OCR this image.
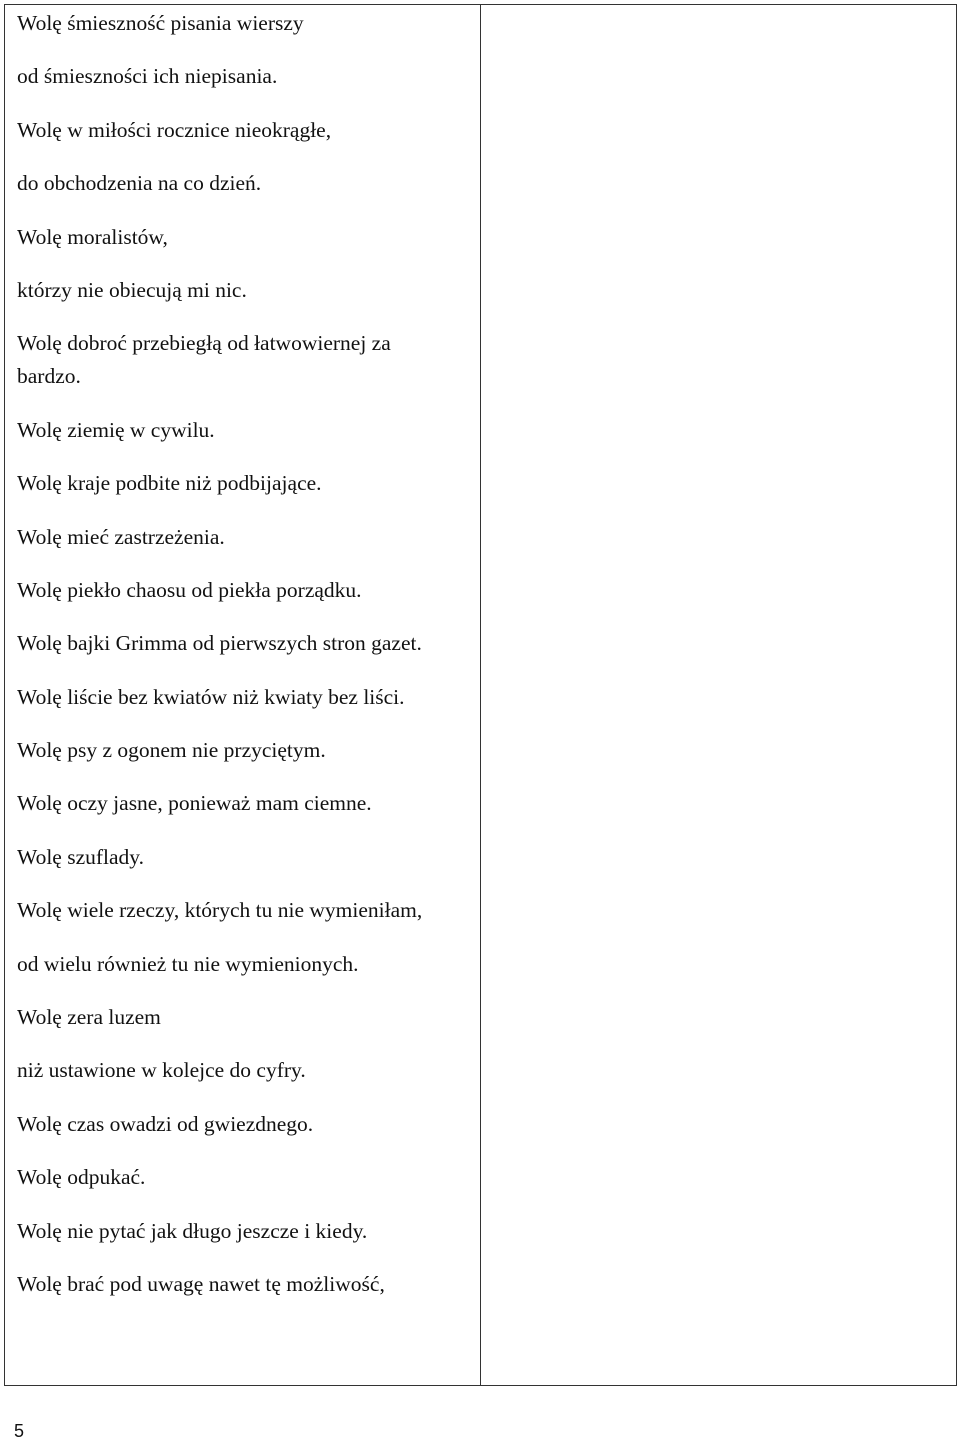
Wolę śmieszność pisania wierszy
od śmieszności ich niepisania.
Wolę w miłości rocznice nieokrągłe,
do obchodzenia na co dzień.
Wolę moralistów,
którzy nie obiecują mi nic.
Wolę dobroć przebiegłą od łatwowiernej za bardzo.
Wolę ziemię w cywilu.
Wolę kraje podbite niż podbijające.
Wolę mieć zastrzeżenia.
Wolę piekło chaosu od piekła porządku.
Wolę bajki Grimma od pierwszych stron gazet.
Wolę liście bez kwiatów niż kwiaty bez liści.
Wolę psy z ogonem nie przyciętym.
Wolę oczy jasne, ponieważ mam ciemne.
Wolę szuflady.
Wolę wiele rzeczy, których tu nie wymieniłam,
od wielu również tu nie wymienionych.
Wolę zera luzem
niż ustawione w kolejce do cyfry.
Wolę czas owadzi od gwiezdnego.
Wolę odpukać.
Wolę nie pytać jak długo jeszcze i kiedy.
Wolę brać pod uwagę nawet tę możliwość,
5
